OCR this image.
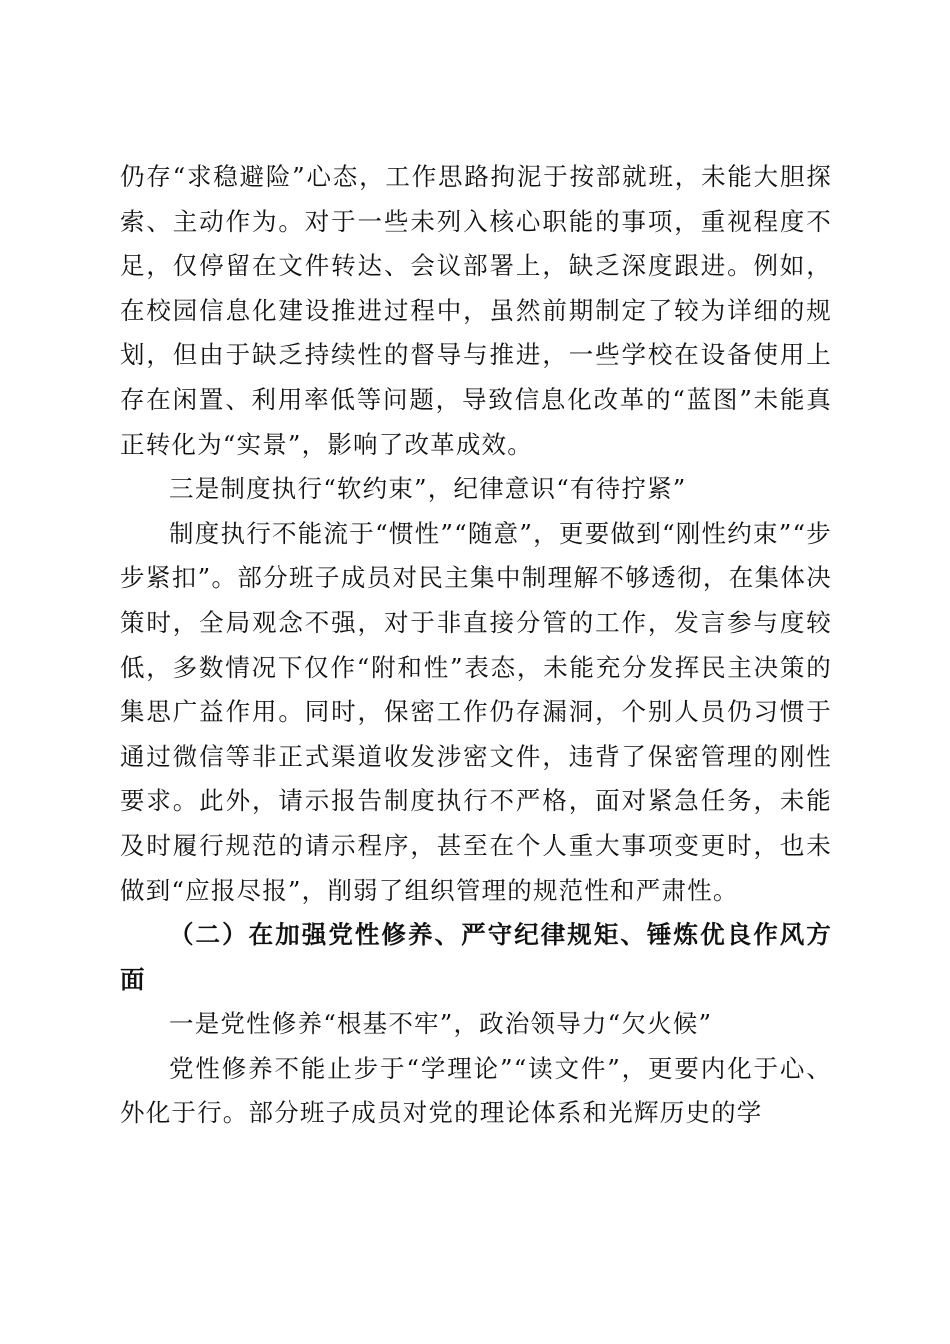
仍存“求稳避险”心态，工作思路拘泥于按部就班，未能大胆探索、主动作为。对于一些未列入核心职能的事项，重视程度不足，仅停留在文件转达、会议部署上，缺乏深度跟进。例如，在校园信息化建设推进过程中，虽然前期制定了较为详细的规划，但由于缺乏持续性的督导与推进，一些学校在设备使用上存在闲置、利用率低等问题，导致信息化改革的“蓝图”未能真正转化为“实景”，影响了改革成效。

三是制度执行“软约束”，纪律意识“有待拧紧”

制度执行不能流于“惯性”“随意”，更要做到“刚性约束”“步步紧扣”。部分班子成员对民主集中制理解不够透彻，在集体决策时，全局观念不强，对于非直接分管的工作，发言参与度较低，多数情况下仅作“附和性”表态，未能充分发挥民主决策的集思广益作用。同时，保密工作仍存漏洞，个别人员仍习惯于通过微信等非正式渠道收发涉密文件，违背了保密管理的刚性要求。此外，请示报告制度执行不严格，面对紧急任务，未能及时履行规范的请示程序，甚至在个人重大事项变更时，也未做到“应报尽报”，削弱了组织管理的规范性和严肃性。

（二）在加强党性修养、严守纪律规矩、锤炼优良作风方面

一是党性修养“根基不牢”，政治领导力“欠火候”

党性修养不能止步于“学理论”“读文件”，更要内化于心、外化于行。部分班子成员对党的理论体系和光辉历史的学
